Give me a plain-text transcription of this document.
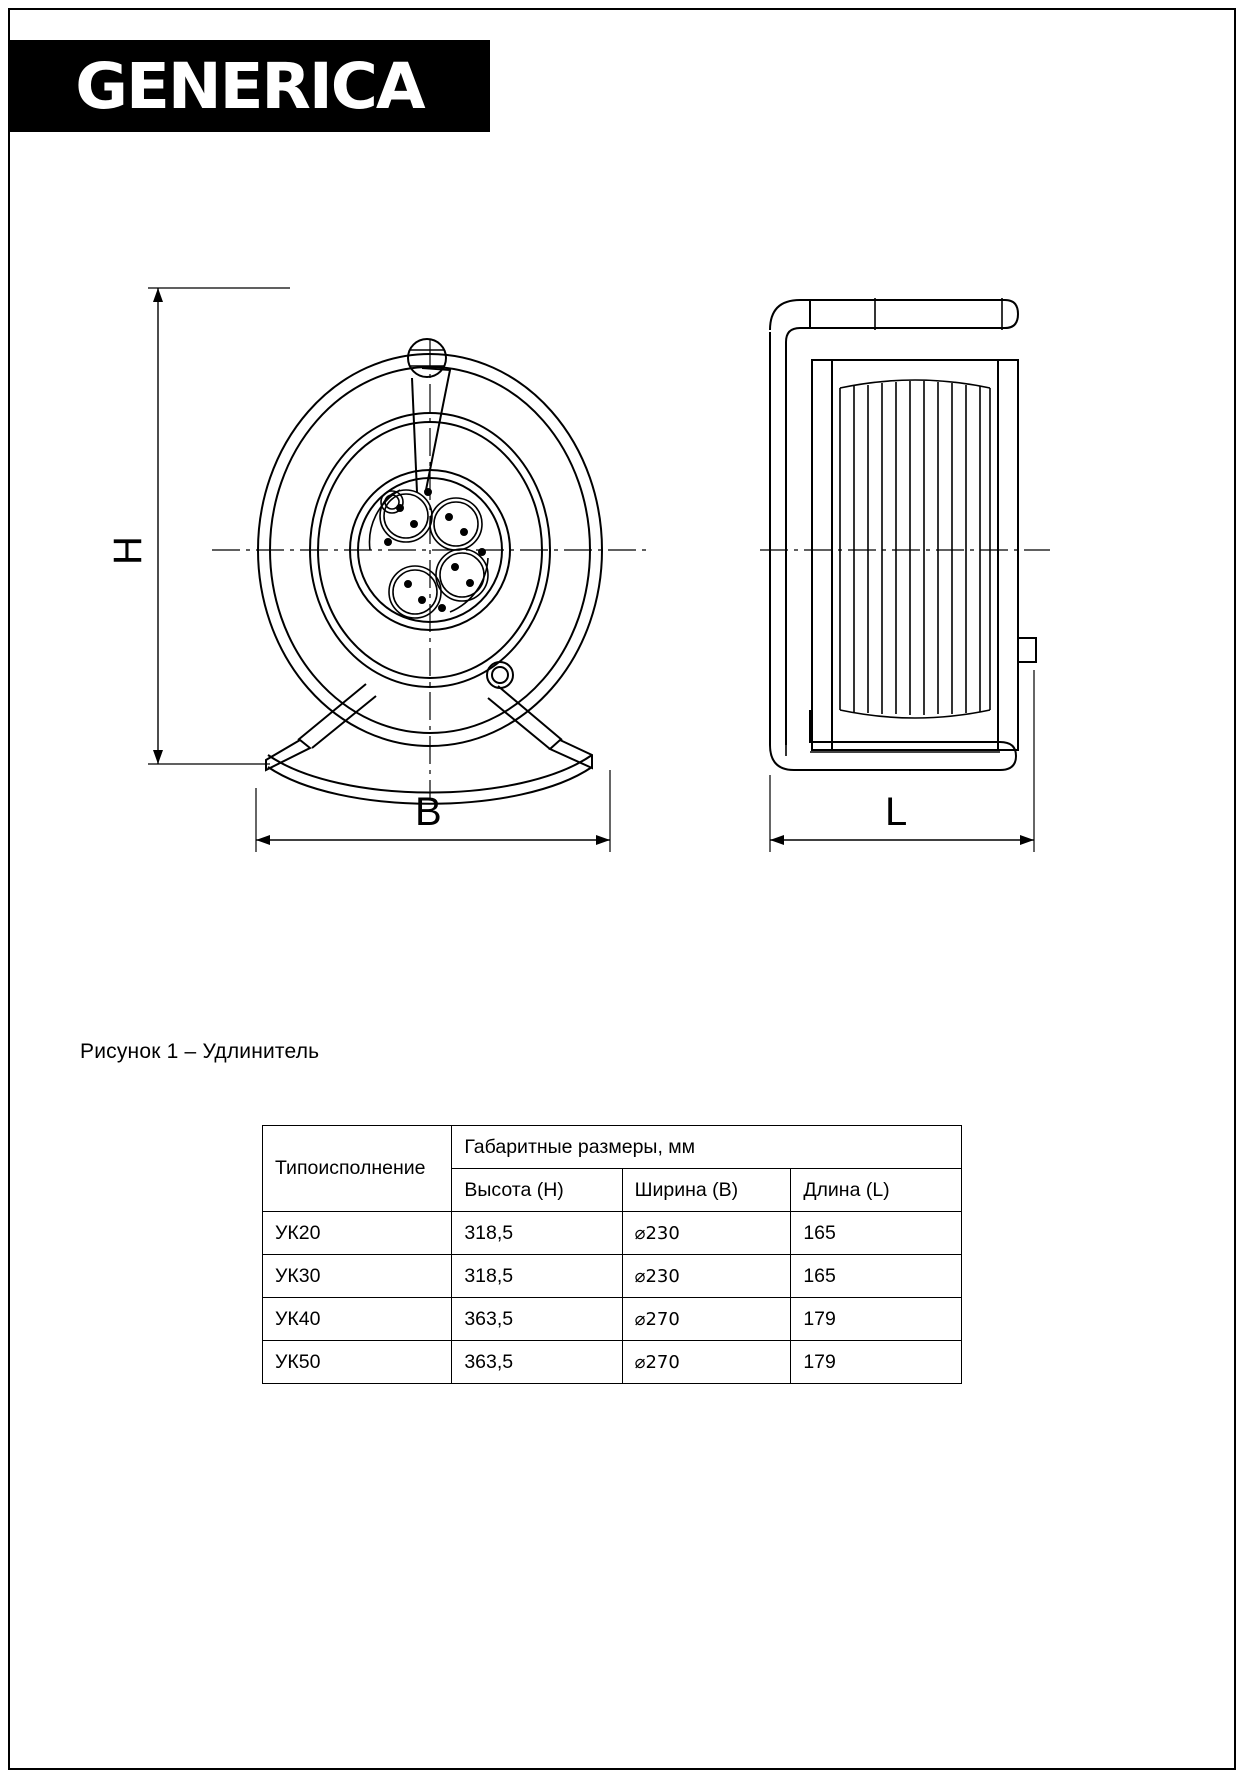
GENERICA
H
B	L
Рисунок 1 – Удлинитель
Типоисполнение	Габаритные размеры, мм		
	Высота (H)	Ширина (B)	Длина (L)
УК20	318,5	⌀230	165
УК30	318,5	⌀230	165
УК40	363,5	⌀270	179
УК50	363,5	⌀270	179
